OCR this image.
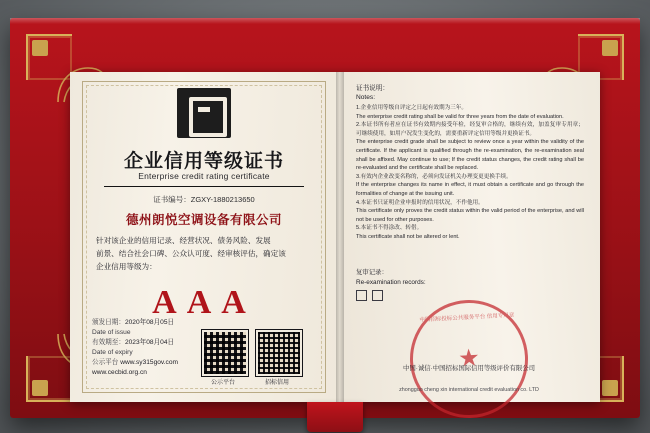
企业信用等级证书
Enterprise credit rating certificate
证书编号：ZGXY-1880213650
德州朗悦空调设备有限公司
针对该企业的信用记录、经营状况、债务风险、发展
前景、结合社会口碑、公众认可度、经审核评估，确定该
企业信用等级为：
AAA
颁发日期：2020年08月05日
Date of issue
有效期至：2023年08月04日
Date of expiry
公示平台 www.sy315gov.com
www.cecbid.org.cn
公示平台	招标信用
证书说明：
Notes:
1.企业信用等级自评定之日起有效期为三年。
The enterprise credit rating shall be valid for three years from the date of evaluation.
2.本证书所有者应在证书有效期内接受年检，经复审合格的，继续有效，加盖复审专用章；可继续使用，如用户况发生变化的，需要重新评定信用等级并更换证书。
The enterprise credit grade shall be subject to review once a year within the validity of the certificate. If the applicant is qualified through the re-examination, the re-examination seal shall be affixed. May continue to use; If the credit status changes, the credit rating shall be re-evaluated and the certificate shall be replaced.
3.有效内企业改变名称的，必须向发证机关办理变更更换手续。
If the enterprise changes its name in effect, it must obtain a certificate and go through the formalities of change at the issuing unit.
4.本证书只证明企业申报时的信用状况，不作他用。
This certificate only proves the credit status within the valid period of the enterprise, and will not be used for other purposes.
5.本证书不得涂改、转借。
This certificate shall not be altered or lent.
复审记录：
Re-examination records:
中国招标投标公共服务平台 信用专用章
★
中国·诚信·中国招标国际信用等级评价有限公司
zhongguo cheng xin international credit evaluation co. LTD
